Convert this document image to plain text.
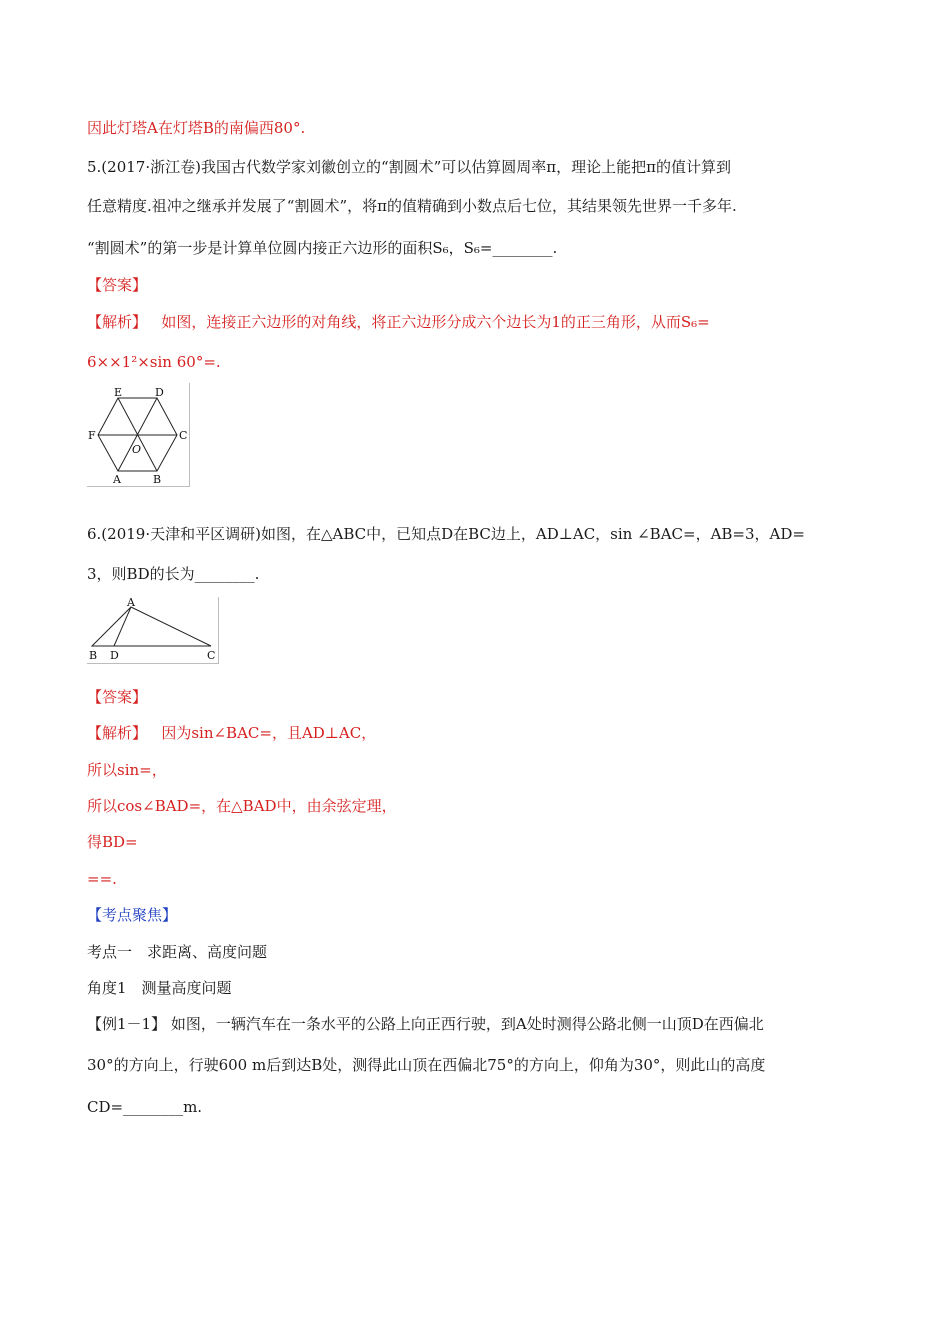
因此灯塔A在灯塔B的南偏西80°.
5.(2017·浙江卷)我国古代数学家刘徽创立的“割圆术”可以估算圆周率π，理论上能把π的值计算到
任意精度.祖冲之继承并发展了“割圆术”，将π的值精确到小数点后七位，其结果领先世界一千多年.
“割圆术”的第一步是计算单位圆内接正六边形的面积S₆，S₆=________.
【答案】
【解析】 如图，连接正六边形的对角线，将正六边形分成六个边长为1的正三角形，从而S₆=
6××1²×sin 60°=.
E	D
F	C
O
A	B
6.(2019·天津和平区调研)如图，在△ABC中，已知点D在BC边上，AD⊥AC，sin ∠BAC=，AB=3，AD=
3，则BD的长为________.
A
B D	C
【答案】
【解析】 因为sin∠BAC=，且AD⊥AC，
所以sin=，
所以cos∠BAD=，在△BAD中，由余弦定理，
得BD=
==.
【考点聚焦】
考点一　求距离、高度问题
角度1　测量高度问题
【例1－1】 如图，一辆汽车在一条水平的公路上向正西行驶，到A处时测得公路北侧一山顶D在西偏北
30°的方向上，行驶600 m后到达B处，测得此山顶在西偏北75°的方向上，仰角为30°，则此山的高度
CD=________m.
